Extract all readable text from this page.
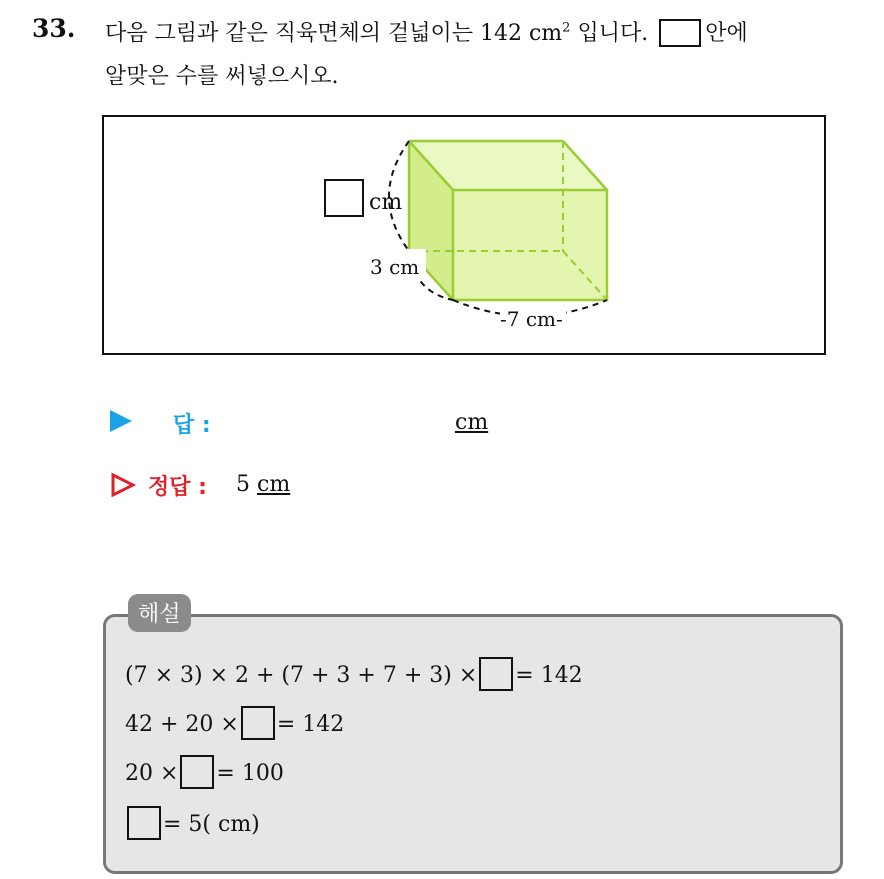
33. 다음 그림과 같은 직육면체의 겉넓이는 142 $cm^2$ 입니다.	안에
알맞은 수를 써넣으시오.
cm
3 cm
-7 cm-
답 :	cm
정답 : 5 cm
해설
(7 × 3) × 2 + (7 + 3 + 7 + 3) × = 142
42 + 20 × = 142
20 × = 100
= 5( cm)
